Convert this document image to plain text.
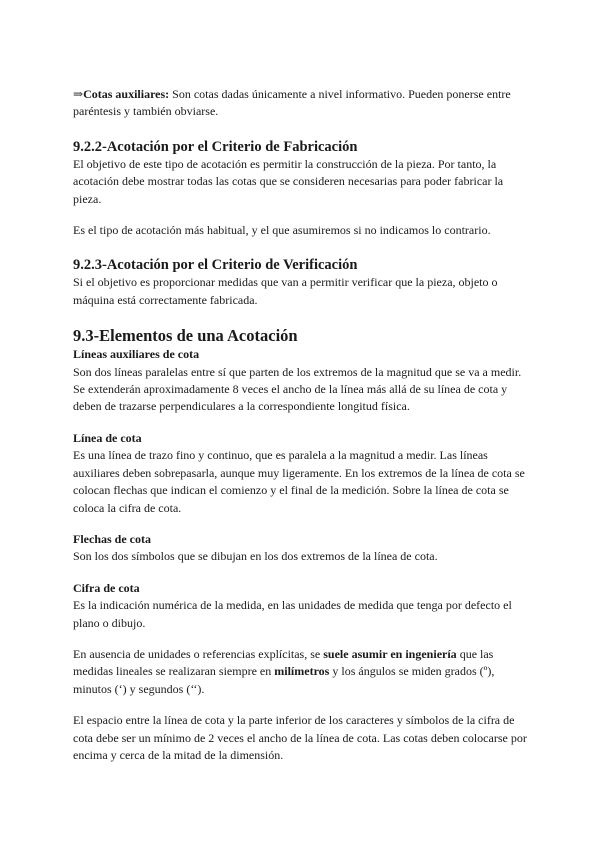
⇒Cotas auxiliares: Son cotas dadas únicamente a nivel informativo. Pueden ponerse entre paréntesis y también obviarse.

9.2.2-Acotación por el Criterio de Fabricación

El objetivo de este tipo de acotación es permitir la construcción de la pieza. Por tanto, la acotación debe mostrar todas las cotas que se consideren necesarias para poder fabricar la pieza.

Es el tipo de acotación más habitual, y el que asumiremos si no indicamos lo contrario.

9.2.3-Acotación por el Criterio de Verificación

Si el objetivo es proporcionar medidas que van a permitir verificar que la pieza, objeto o máquina está correctamente fabricada.

9.3-Elementos de una Acotación
Líneas auxiliares de cota

Son dos líneas paralelas entre sí que parten de los extremos de la magnitud que se va a medir. Se extenderán aproximadamente 8 veces el ancho de la línea más allá de su línea de cota y deben de trazarse perpendiculares a la correspondiente longitud física.

Línea de cota

Es una línea de trazo fino y continuo, que es paralela a la magnitud a medir. Las líneas auxiliares deben sobrepasarla, aunque muy ligeramente. En los extremos de la línea de cota se colocan flechas que indican el comienzo y el final de la medición. Sobre la línea de cota se coloca la cifra de cota.

Flechas de cota

Son los dos símbolos que se dibujan en los dos extremos de la línea de cota.

Cifra de cota

Es la indicación numérica de la medida, en las unidades de medida que tenga por defecto el plano o dibujo.

En ausencia de unidades o referencias explícitas, se suele asumir en ingeniería que las medidas lineales se realizaran siempre en milímetros y los ángulos se miden grados (º), minutos (‘) y segundos (‘‘).

El espacio entre la línea de cota y la parte inferior de los caracteres y símbolos de la cifra de cota debe ser un mínimo de 2 veces el ancho de la línea de cota. Las cotas deben colocarse por encima y cerca de la mitad de la dimensión.
